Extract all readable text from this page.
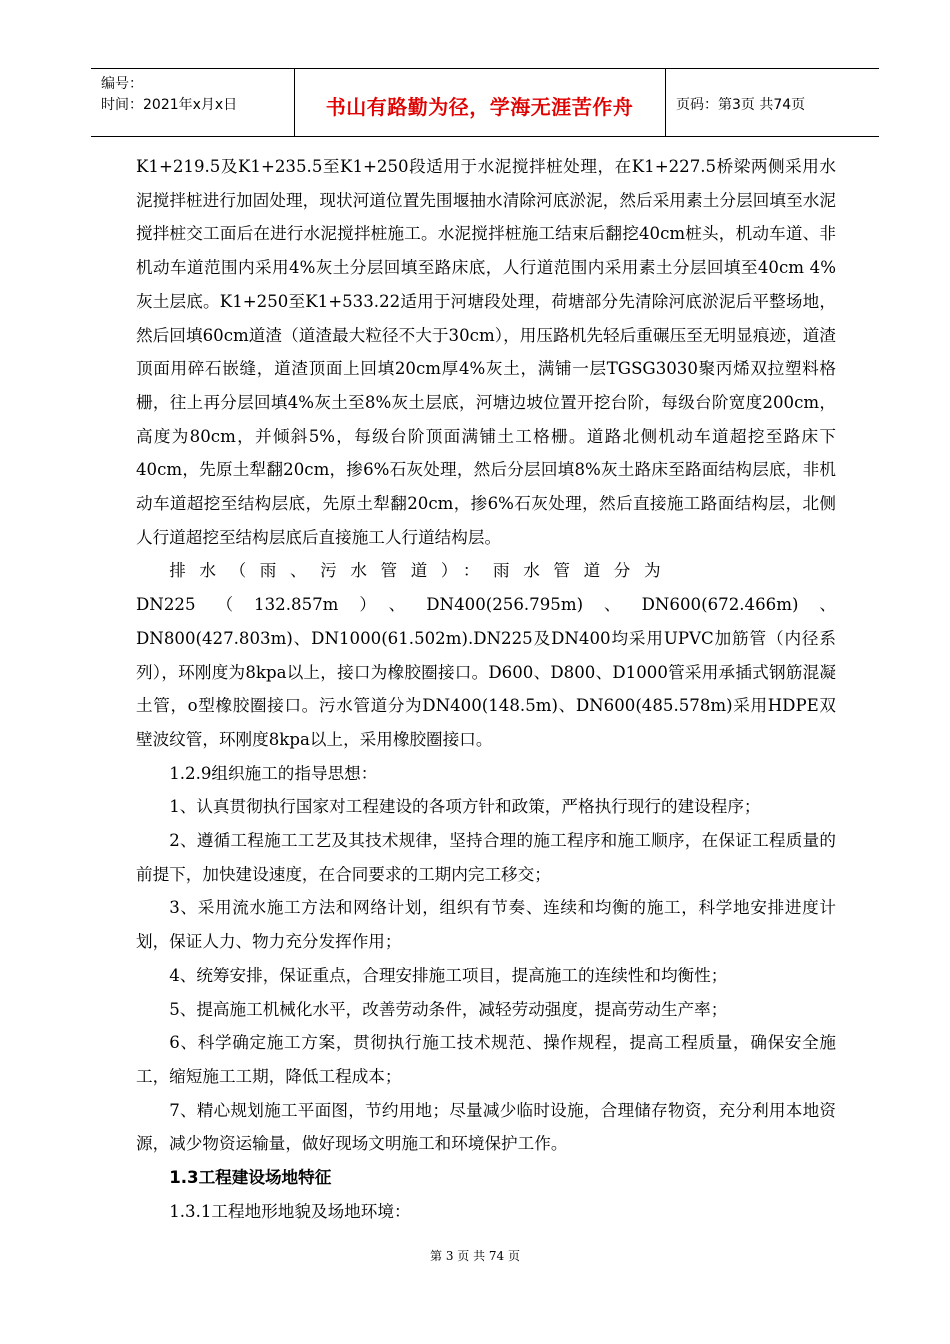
编号：
时间：2021年x月x日	书山有路勤为径，学海无涯苦作舟	页码：第3页 共74页

K1+219.5及K1+235.5至K1+250段适用于水泥搅拌桩处理，在K1+227.5桥梁两侧采用水泥搅拌桩进行加固处理，现状河道位置先围堰抽水清除河底淤泥，然后采用素土分层回填至水泥搅拌桩交工面后在进行水泥搅拌桩施工。水泥搅拌桩施工结束后翻挖40cm桩头，机动车道、非机动车道范围内采用4%灰土分层回填至路床底，人行道范围内采用素土分层回填至40cm 4%灰土层底。K1+250至K1+533.22适用于河塘段处理，荷塘部分先清除河底淤泥后平整场地，然后回填60cm道渣（道渣最大粒径不大于30cm），用压路机先轻后重碾压至无明显痕迹，道渣顶面用碎石嵌缝，道渣顶面上回填20cm厚4%灰土，满铺一层TGSG3030聚丙烯双拉塑料格栅，往上再分层回填4%灰土至8%灰土层底，河塘边坡位置开挖台阶，每级台阶宽度200cm，高度为80cm，并倾斜5%，每级台阶顶面满铺土工格栅。道路北侧机动车道超挖至路床下40cm，先原土犁翻20cm，掺6%石灰处理，然后分层回填8%灰土路床至路面结构层底，非机动车道超挖至结构层底，先原土犁翻20cm，掺6%石灰处理，然后直接施工路面结构层，北侧人行道超挖至结构层底后直接施工人行道结构层。

排水（雨、污水管道）：雨水管道分为

DN225（132.857m）、DN400(256.795m)、DN600(672.466m)、DN800(427.803m)、DN1000(61.502m).DN225及DN400均采用UPVC加筋管（内径系列），环刚度为8kpa以上，接口为橡胶圈接口。D600、D800、D1000管采用承插式钢筋混凝土管，o型橡胶圈接口。污水管道分为DN400(148.5m)、DN600(485.578m)采用HDPE双壁波纹管，环刚度8kpa以上，采用橡胶圈接口。

1.2.9组织施工的指导思想：

1、认真贯彻执行国家对工程建设的各项方针和政策，严格执行现行的建设程序；

2、遵循工程施工工艺及其技术规律，坚持合理的施工程序和施工顺序，在保证工程质量的前提下，加快建设速度，在合同要求的工期内完工移交；

3、采用流水施工方法和网络计划，组织有节奏、连续和均衡的施工，科学地安排进度计划，保证人力、物力充分发挥作用；

4、统筹安排，保证重点，合理安排施工项目，提高施工的连续性和均衡性；

5、提高施工机械化水平，改善劳动条件，减轻劳动强度，提高劳动生产率；

6、科学确定施工方案，贯彻执行施工技术规范、操作规程，提高工程质量，确保安全施工，缩短施工工期，降低工程成本；

7、精心规划施工平面图，节约用地；尽量减少临时设施，合理储存物资，充分利用本地资源，减少物资运输量，做好现场文明施工和环境保护工作。

1.3工程建设场地特征

1.3.1工程地形地貌及场地环境：

第 3 页 共 74 页
